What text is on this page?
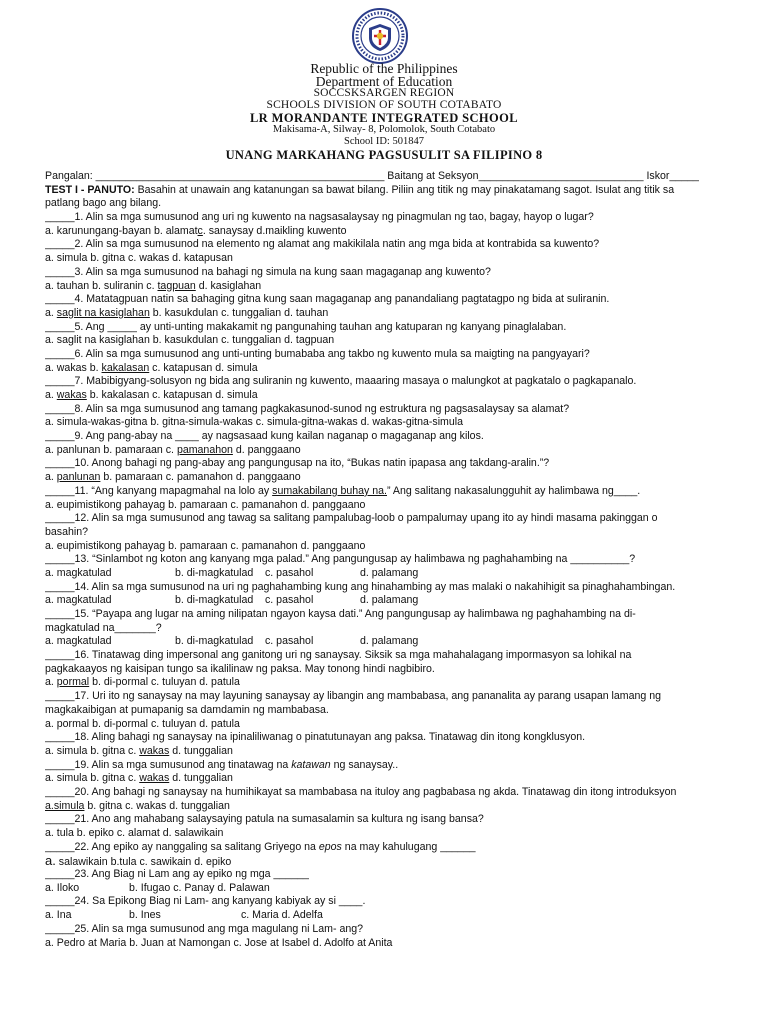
Republic of the Philippines
Department of Education
SOCCSKSARGEN REGION
SCHOOLS DIVISION OF SOUTH COTABATO
LR MORANDANTE INTEGRATED SCHOOL
Makisama-A, Silway- 8, Polomolok, South Cotabato
School ID: 501847
UNANG MARKAHANG PAGSUSULIT SA FILIPINO 8
Pangalan: _________________________________________________ Baitang at Seksyon____________________________ Iskor_____
TEST I - PANUTO: Basahin at unawain ang katanungan sa bawat bilang. Piliin ang titik ng may pinakatamang sagot. Isulat ang titik sa
patlang bago ang bilang.
_____1. Alin sa mga sumusunod ang uri ng kuwento na nagsasalaysay ng pinagmulan ng tao, bagay, hayop o lugar?
a. karunungang-bayan b. alamatc. sanaysay d.maikling kuwento
_____2. Alin sa mga sumusunod na elemento ng alamat ang makikilala natin ang mga bida at kontrabida sa kuwento?
a. simula b. gitna c. wakas d. katapusan
_____3. Alin sa mga sumusunod na bahagi ng simula na kung saan magaganap ang kuwento?
a. tauhan b. suliranin c. tagpuan d. kasiglahan
_____4. Matatagpuan natin sa bahaging gitna kung saan magaganap ang panandaliang pagtatagpo ng bida at suliranin.
a. saglit na kasiglahan b. kasukdulan c. tunggalian d. tauhan
_____5. Ang _____ ay unti-unting makakamit ng pangunahing tauhan ang katuparan ng kanyang pinaglalaban.
a. saglit na kasiglahan b. kasukdulan c. tunggalian d. tagpuan
_____6. Alin sa mga sumusunod ang unti-unting bumababa ang takbo ng kuwento mula sa maigting na pangyayari?
a. wakas b. kakalasan c. katapusan d. simula
_____7. Mabibigyang-solusyon ng bida ang suliranin ng kuwento, maaaring masaya o malungkot at pagkatalo o pagkapanalo.
a. wakas b. kakalasan c. katapusan d. simula
_____8. Alin sa mga sumusunod ang tamang pagkakasunod-sunod ng estruktura ng pagsasalaysay sa alamat?
a. simula-wakas-gitna b. gitna-simula-wakas c. simula-gitna-wakas d. wakas-gitna-simula
_____9. Ang pang-abay na ____ ay nagsasaad kung kailan naganap o magaganap ang kilos.
a. panlunan b. pamaraan c. pamanahon d. panggaano
_____10. Anong bahagi ng pang-abay ang pangungusap na ito, “Bukas natin ipapasa ang takdang-aralin.”?
a. panlunan b. pamaraan c. pamanahon d. panggaano
_____11. “Ang kanyang mapagmahal na lolo ay sumakabilang buhay na.” Ang salitang nakasalungguhit ay halimbawa ng____.
a. eupimistikong pahayag b. pamaraan c. pamanahon d. panggaano
_____12. Alin sa mga sumusunod ang tawag sa salitang pampalubag-loob o pampalumay upang ito ay hindi masama pakinggan o
basahin?
a. eupimistikong pahayag b. pamaraan c. pamanahon d. panggaano
_____13. “Sinlambot ng koton ang kanyang mga palad.” Ang pangungusap ay halimbawa ng paghahambing na __________?
a. magkatulad	b. di-magkatulad c. pasahol	d. palamang
_____14. Alin sa mga sumusunod na uri ng paghahambing kung ang hinahambing ay mas malaki o nakahihigit sa pinaghahambingan.
a. magkatulad	b. di-magkatulad c. pasahol	d. palamang
_____15. “Payapa ang lugar na aming nilipatan ngayon kaysa dati.” Ang pangungusap ay halimbawa ng paghahambing na di-
magkatulad na_______?
a. magkatulad	b. di-magkatulad c. pasahol	d. palamang
_____16. Tinatawag ding impersonal ang ganitong uri ng sanaysay. Siksik sa mga mahahalagang impormasyon sa lohikal na
pagkakaayos ng kaisipan tungo sa ikalilinaw ng paksa. May tonong hindi nagbibiro.
a. pormal b. di-pormal c. tuluyan d. patula
_____17. Uri ito ng sanaysay na may layuning sanaysay ay libangin ang mambabasa, ang pananalita ay parang usapan lamang ng
magkakaibigan at pumapanig sa damdamin ng mambabasa.
a. pormal b. di-pormal c. tuluyan d. patula
_____18. Aling bahagi ng sanaysay na ipinaliliwanag o pinatutunayan ang paksa. Tinatawag din itong kongklusyon.
a. simula b. gitna c. wakas d. tunggalian
_____19. Alin sa mga sumusunod ang tinatawag na katawan ng sanaysay..
a. simula b. gitna c. wakas d. tunggalian
_____20. Ang bahagi ng sanaysay na humihikayat sa mambabasa na ituloy ang pagbabasa ng akda. Tinatawag din itong introduksyon
a.simula b. gitna c. wakas d. tunggalian
_____21. Ano ang mahabang salaysaying patula na sumasalamin sa kultura ng isang bansa?
a. tula b. epiko c. alamat d. salawikain
_____22. Ang epiko ay nanggaling sa salitang Griyego na epos na may kahulugang ______
a. salawikain b.tula c. sawikain d. epiko
_____23. Ang Biag ni Lam ang ay epiko ng mga ______
a. Iloko	b. Ifugao c. Panay d. Palawan
_____24. Sa Epikong Biag ni Lam- ang kanyang kabiyak ay si ____.
a. Ina	b. Ines	c. Maria d. Adelfa
_____25. Alin sa mga sumusunod ang mga magulang ni Lam- ang?
a. Pedro at Maria b. Juan at Namongan c. Jose at Isabel d. Adolfo at Anita
